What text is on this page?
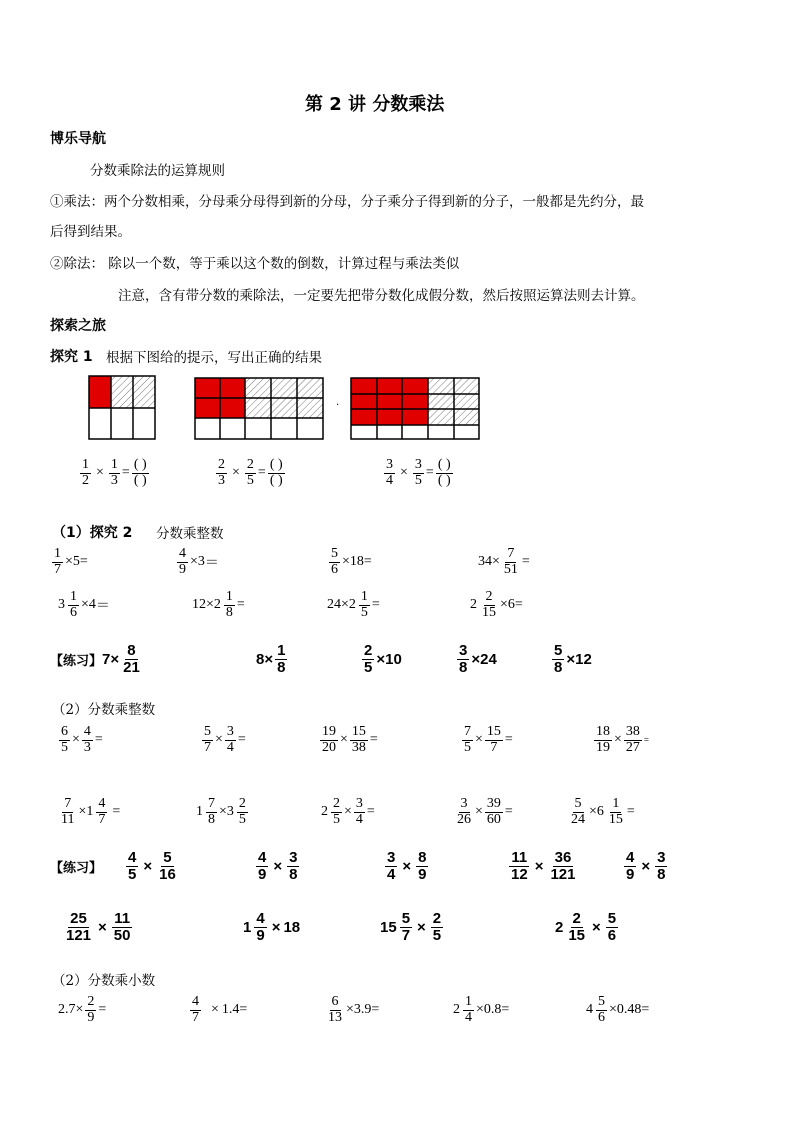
第 2 讲 分数乘法
博乐导航
分数乘除法的运算规则
①乘法：两个分数相乘，分母乘分母得到新的分母，分子乘分子得到新的分子，一般都是先约分，最
后得到结果。
②除法： 除以一个数，等于乘以这个数的倒数，计算过程与乘法类似
注意，含有带分数的乘除法，一定要先把带分数化成假分数，然后按照运算法则去计算。
探索之旅
探究 1 根据下图给的提示，写出正确的结果
·
$\frac{1}{2} \times \frac{1}{3} = \frac{( )}{( )}$	$\frac{2}{3} \times \frac{2}{5} = \frac{( )}{( )}$	$\frac{3}{4} \times \frac{3}{5} = \frac{( )}{( )}$
（1）探究 2 分数乘整数
$\frac{1}{7} \times 5$ =	$\frac{4}{9} \times 3$ ＝	$\frac{5}{6} \times 18$ =	$34 \times \frac{7}{51}$ =
$3 \frac{1}{6} \times 4$ ＝	$12 \times 2 \frac{1}{8}$ =	$24 \times 2 \frac{1}{5}$ =	$2 \frac{2}{15} \times 6$ =
【练习】 $7 \times \frac{8}{21}$	$8 \times \frac{1}{8}$	$\frac{2}{5} \times 10$	$\frac{3}{8} \times 24$	$\frac{5}{8} \times 12$
（2）分数乘整数
$\frac{6}{5} \times \frac{4}{3}$ =	$\frac{5}{7} \times \frac{3}{4}$ =	$\frac{19}{20} \times \frac{15}{38}$ =	$\frac{7}{5} \times \frac{15}{7}$ =	$\frac{18}{19} \times \frac{38}{27}$ =
$\frac{7}{11} \times 1 \frac{4}{7}$ =	$1 \frac{7}{8} \times 3 \frac{2}{5}$	$2 \frac{2}{5} \times \frac{3}{4}$ =	$\frac{3}{26} \times \frac{39}{60}$ =	$\frac{5}{24} \times 6 \frac{1}{15}$ =
【练习】 $\frac{4}{5} \times \frac{5}{16}$	$\frac{4}{9} \times \frac{3}{8}$	$\frac{3}{4} \times \frac{8}{9}$	$\frac{11}{12} \times \frac{36}{121}$	$\frac{4}{9} \times \frac{3}{8}$
$\frac{25}{121} \times \frac{11}{50}$	$1 \frac{4}{9} \times 18$	$15 \frac{5}{7} \times \frac{2}{5}$	$2 \frac{2}{15} \times \frac{5}{6}$
（2）分数乘小数
$2.7 \times \frac{2}{9}$ =	$\frac{4}{7} \times 1.4$ =	$\frac{6}{13} \times 3.9$ =	$2 \frac{1}{4} \times 0.8$ =	$4 \frac{5}{6} \times 0.48$ =
